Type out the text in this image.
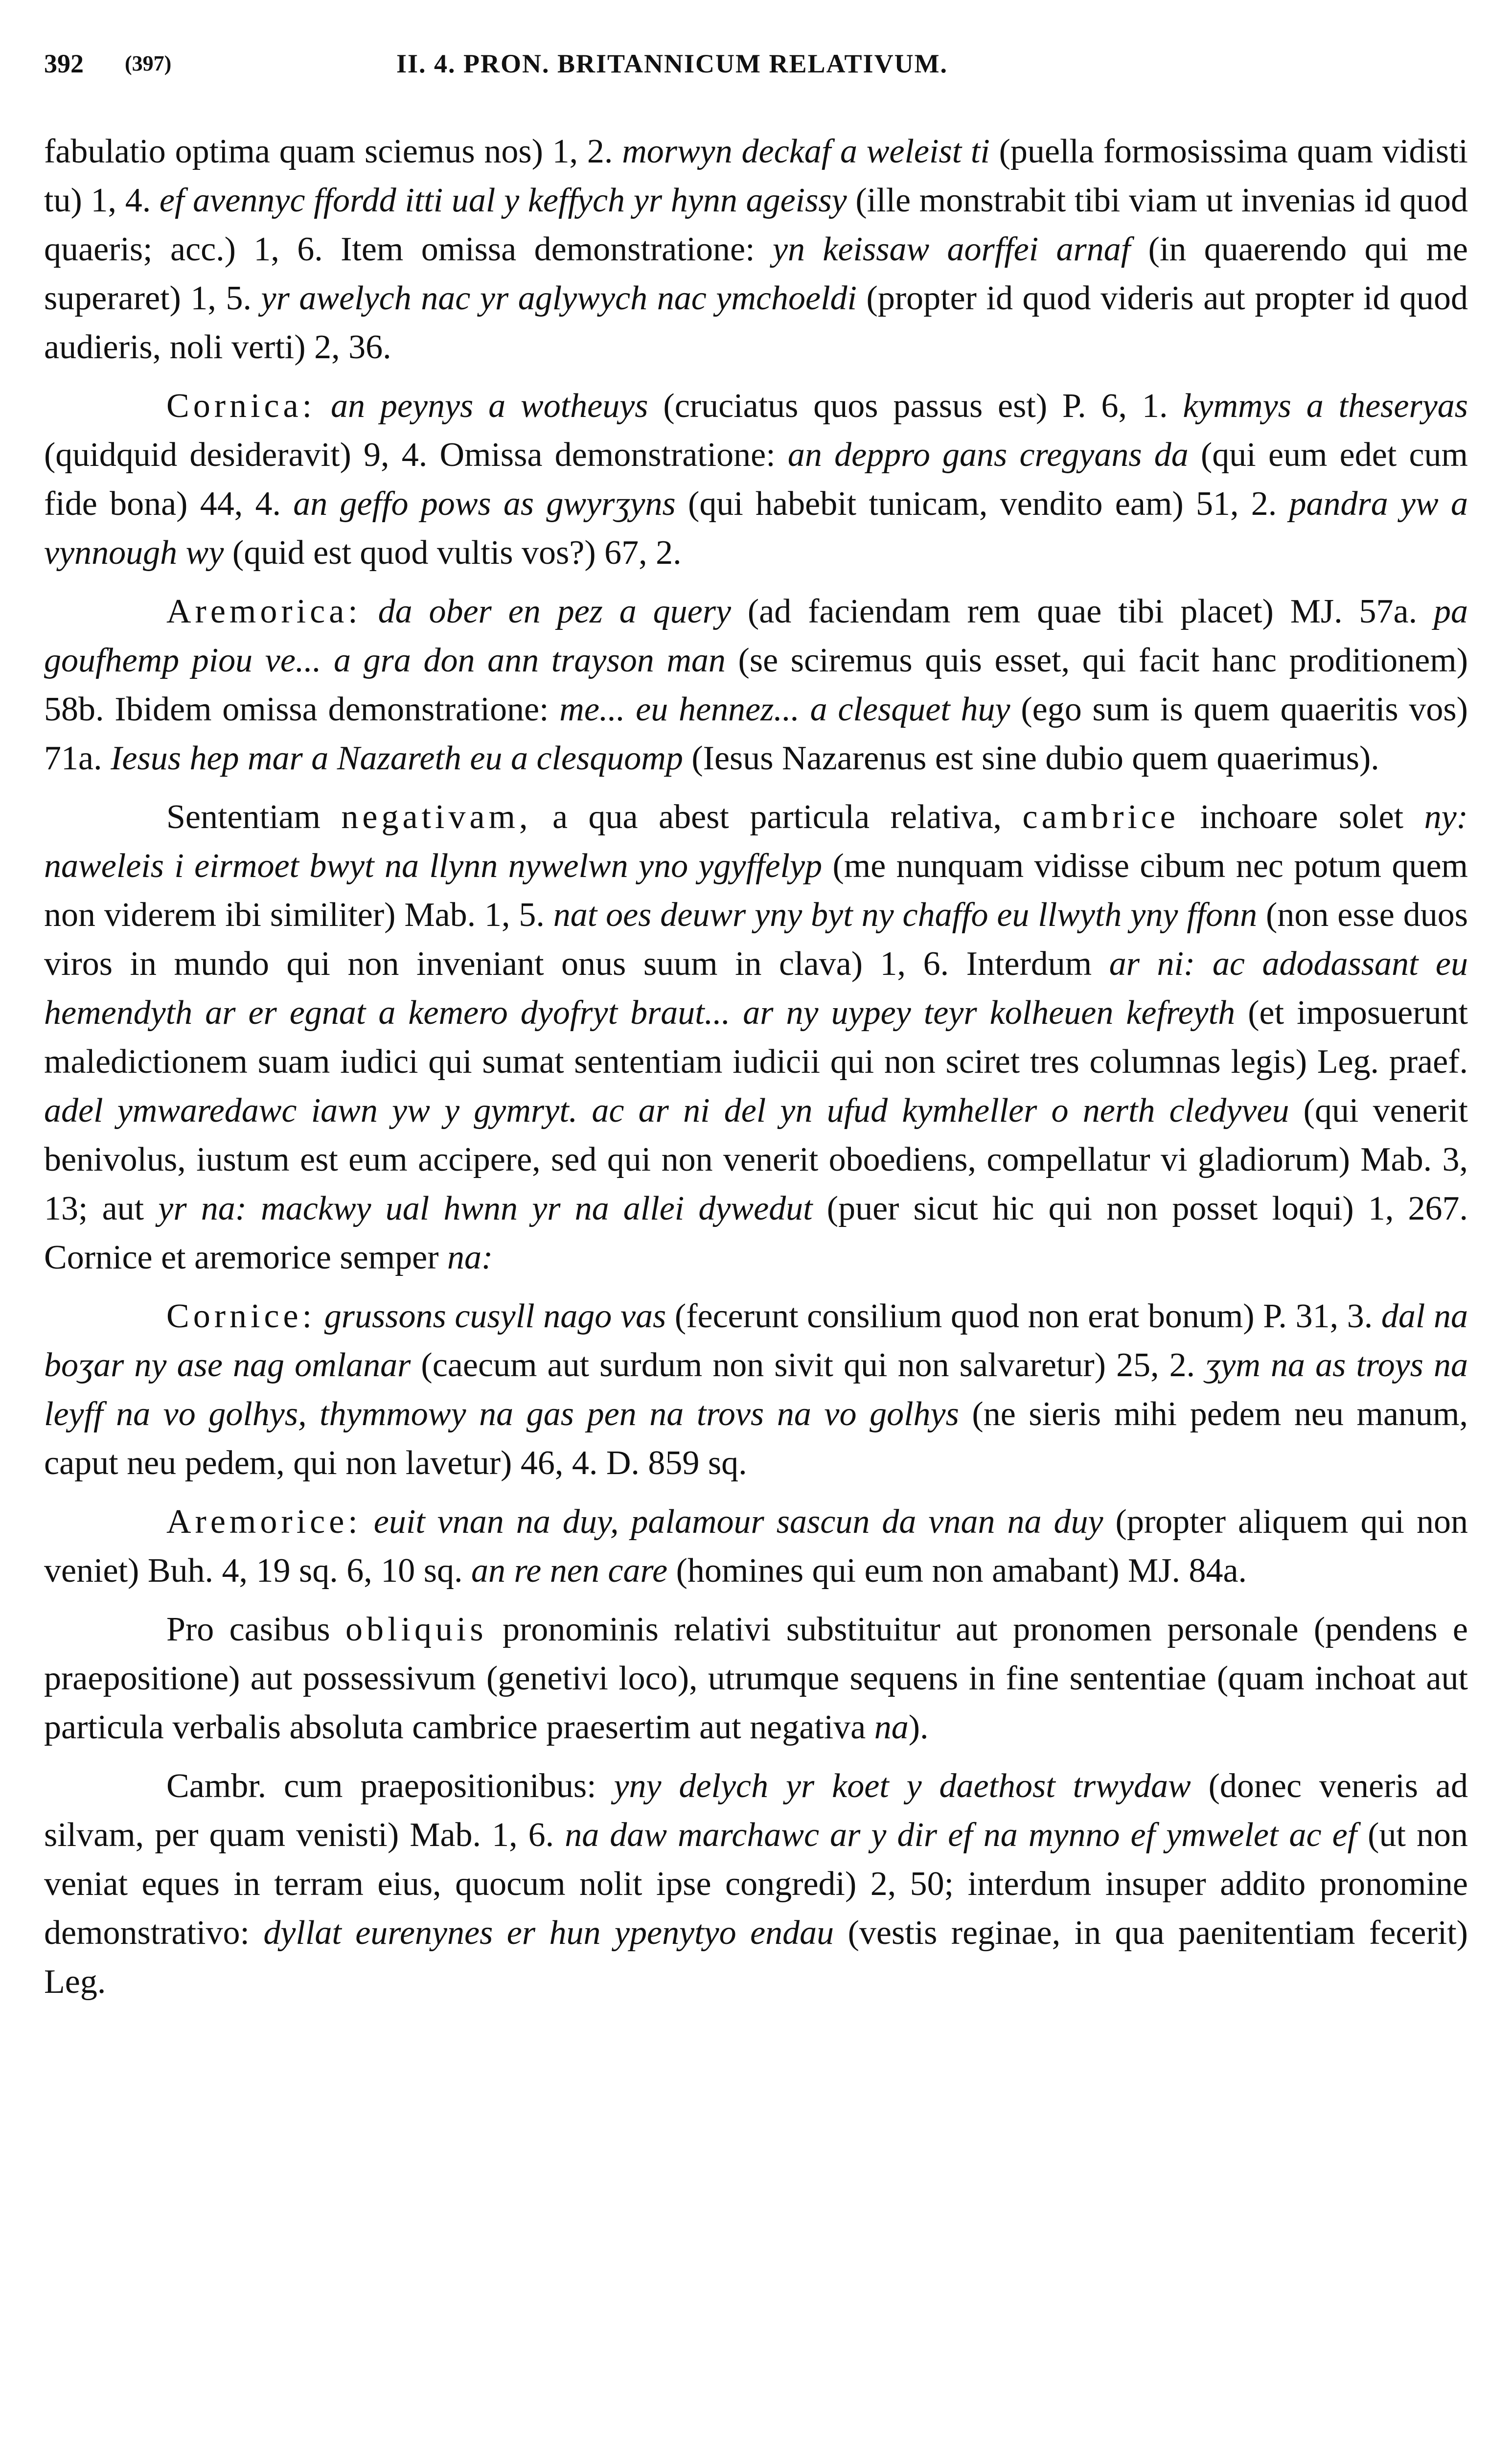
392 (397)	II. 4. PRON. BRITANNICUM RELATIVUM.

fabulatio optima quam sciemus nos) 1, 2. morwyn deckaf a weleist ti (puella formosissima quam vidisti tu) 1, 4. ef avennyc ffordd itti ual y keffych yr hynn ageissy (ille monstrabit tibi viam ut invenias id quod quaeris; acc.) 1, 6. Item omissa demonstratione: yn keissaw aorffei arnaf (in quaerendo qui me superaret) 1, 5. yr awelych nac yr aglywych nac ymchoeldi (propter id quod videris aut propter id quod audieris, noli verti) 2, 36.

Cornica: an peynys a wotheuys (cruciatus quos passus est) P. 6, 1. kymmys a theseryas (quidquid desideravit) 9, 4. Omissa demonstratione: an deppro gans cregyans da (qui eum edet cum fide bona) 44, 4. an geffo pows as gwyrʒyns (qui habebit tunicam, vendito eam) 51, 2. pandra yw a vynnough wy (quid est quod vultis vos?) 67, 2.

Aremorica: da ober en pez a query (ad faciendam rem quae tibi placet) MJ. 57a. pa goufhemp piou ve... a gra don ann trayson man (se sciremus quis esset, qui facit hanc proditionem) 58b. Ibidem omissa demonstratione: me... eu hennez... a clesquet huy (ego sum is quem quaeritis vos) 71a. Iesus hep mar a Nazareth eu a clesquomp (Iesus Nazarenus est sine dubio quem quaerimus).

Sententiam negativam, a qua abest particula relativa, cambrice inchoare solet ny: naweleis i eirmoet bwyt na llynn nywelwn yno ygyffelyp (me nunquam vidisse cibum nec potum quem non viderem ibi similiter) Mab. 1, 5. nat oes deuwr yny byt ny chaffo eu llwyth yny ffonn (non esse duos viros in mundo qui non inveniant onus suum in clava) 1, 6. Interdum ar ni: ac adodassant eu hemendyth ar er egnat a kemero dyofryt braut... ar ny uypey teyr kolheuen kefreyth (et imposuerunt maledictionem suam iudici qui sumat sententiam iudicii qui non sciret tres columnas legis) Leg. praef. adel ymwaredawc iawn yw y gymryt. ac ar ni del yn ufud kymheller o nerth cledyveu (qui venerit benivolus, iustum est eum accipere, sed qui non venerit oboediens, compellatur vi gladiorum) Mab. 3, 13; aut yr na: mackwy ual hwnn yr na allei dywedut (puer sicut hic qui non posset loqui) 1, 267. Cornice et aremorice semper na:

Cornice: grussons cusyll nago vas (fecerunt consilium quod non erat bonum) P. 31, 3. dal na boʒar ny ase nag omlanar (caecum aut surdum non sivit qui non salvaretur) 25, 2. ʒym na as troys na leyff na vo golhys, thymmowy na gas pen na trovs na vo golhys (ne sieris mihi pedem neu manum, caput neu pedem, qui non lavetur) 46, 4. D. 859 sq.

Aremorice: euit vnan na duy, palamour sascun da vnan na duy (propter aliquem qui non veniet) Buh. 4, 19 sq. 6, 10 sq. an re nen care (homines qui eum non amabant) MJ. 84a.

Pro casibus obliquis pronominis relativi substituitur aut pronomen personale (pendens e praepositione) aut possessivum (genetivi loco), utrumque sequens in fine sententiae (quam inchoat aut particula verbalis absoluta cambrice praesertim aut negativa na).

Cambr. cum praepositionibus: yny delych yr koet y daethost trwydaw (donec veneris ad silvam, per quam venisti) Mab. 1, 6. na daw marchawc ar y dir ef na mynno ef ymwelet ac ef (ut non veniat eques in terram eius, quocum nolit ipse congredi) 2, 50; interdum insuper addito pronomine demonstrativo: dyllat eurenynes er hun ypenytyo endau (vestis reginae, in qua paenitentiam fecerit) Leg.
